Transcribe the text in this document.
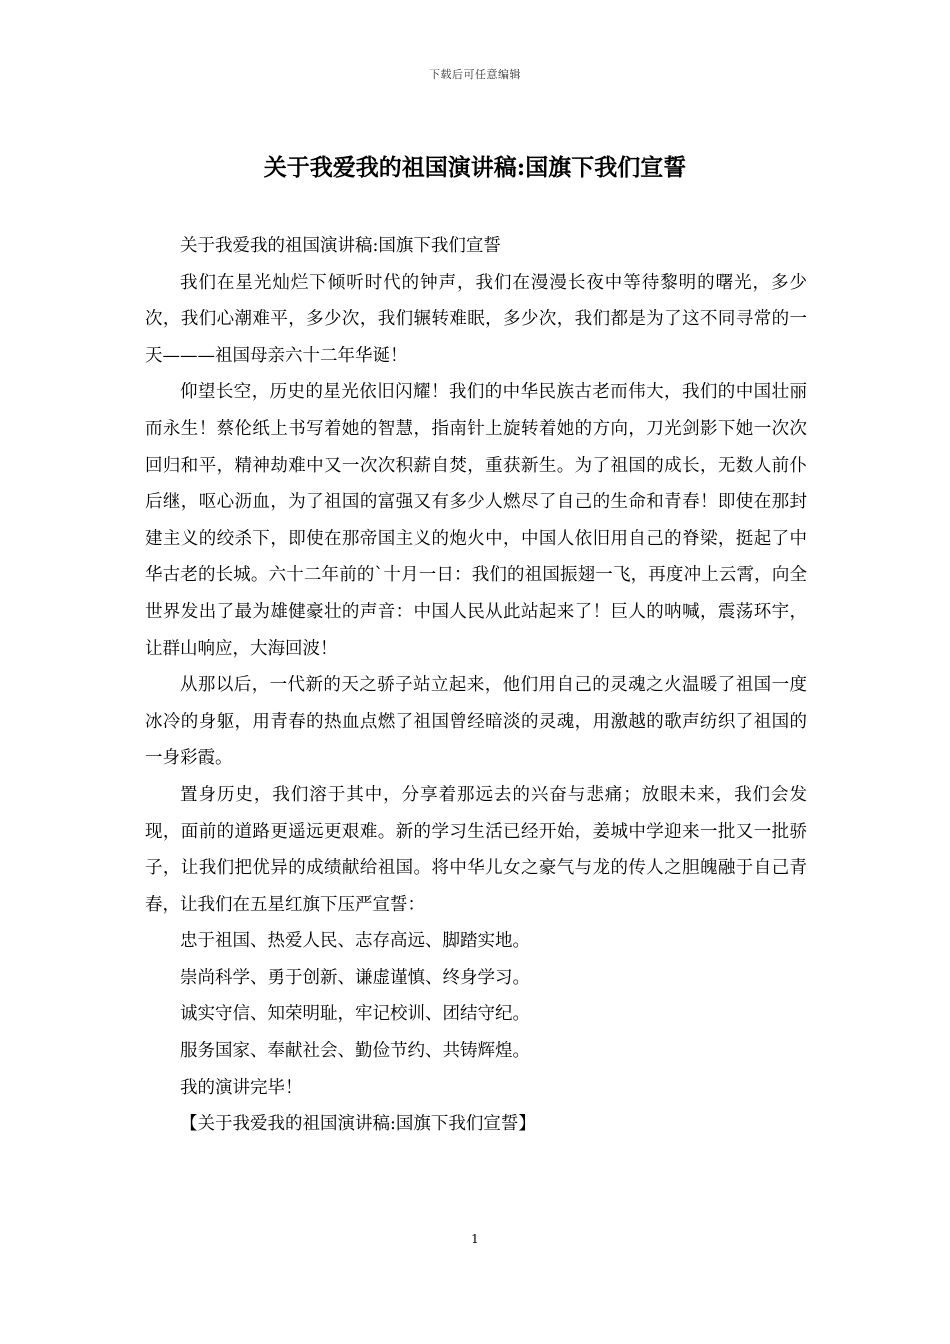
下载后可任意编辑
关于我爱我的祖国演讲稿:国旗下我们宣誓

关于我爱我的祖国演讲稿:国旗下我们宣誓

我们在星光灿烂下倾听时代的钟声，我们在漫漫长夜中等待黎明的曙光，多少次，我们心潮难平，多少次，我们辗转难眠，多少次，我们都是为了这不同寻常的一天———祖国母亲六十二年华诞！

仰望长空，历史的星光依旧闪耀！我们的中华民族古老而伟大，我们的中国壮丽而永生！蔡伦纸上书写着她的智慧，指南针上旋转着她的方向，刀光剑影下她一次次回归和平，精神劫难中又一次次积薪自焚，重获新生。为了祖国的成长，无数人前仆后继，呕心沥血，为了祖国的富强又有多少人燃尽了自己的生命和青春！即使在那封建主义的绞杀下，即使在那帝国主义的炮火中，中国人依旧用自己的脊梁，挺起了中华古老的长城。六十二年前的`十月一日：我们的祖国振翅一飞，再度冲上云霄，向全世界发出了最为雄健豪壮的声音：中国人民从此站起来了！巨人的呐喊，震荡环宇，让群山响应，大海回波！

从那以后，一代新的天之骄子站立起来，他们用自己的灵魂之火温暖了祖国一度冰冷的身躯，用青春的热血点燃了祖国曾经暗淡的灵魂，用激越的歌声纺织了祖国的一身彩霞。

置身历史，我们溶于其中，分享着那远去的兴奋与悲痛；放眼未来，我们会发现，面前的道路更遥远更艰难。新的学习生活已经开始，姜城中学迎来一批又一批骄子，让我们把优异的成绩献给祖国。将中华儿女之豪气与龙的传人之胆魄融于自己青春，让我们在五星红旗下压严宣誓：

忠于祖国、热爱人民、志存高远、脚踏实地。

崇尚科学、勇于创新、谦虚谨慎、终身学习。

诚实守信、知荣明耻，牢记校训、团结守纪。

服务国家、奉献社会、勤俭节约、共铸辉煌。

我的演讲完毕！

【关于我爱我的祖国演讲稿:国旗下我们宣誓】

1
